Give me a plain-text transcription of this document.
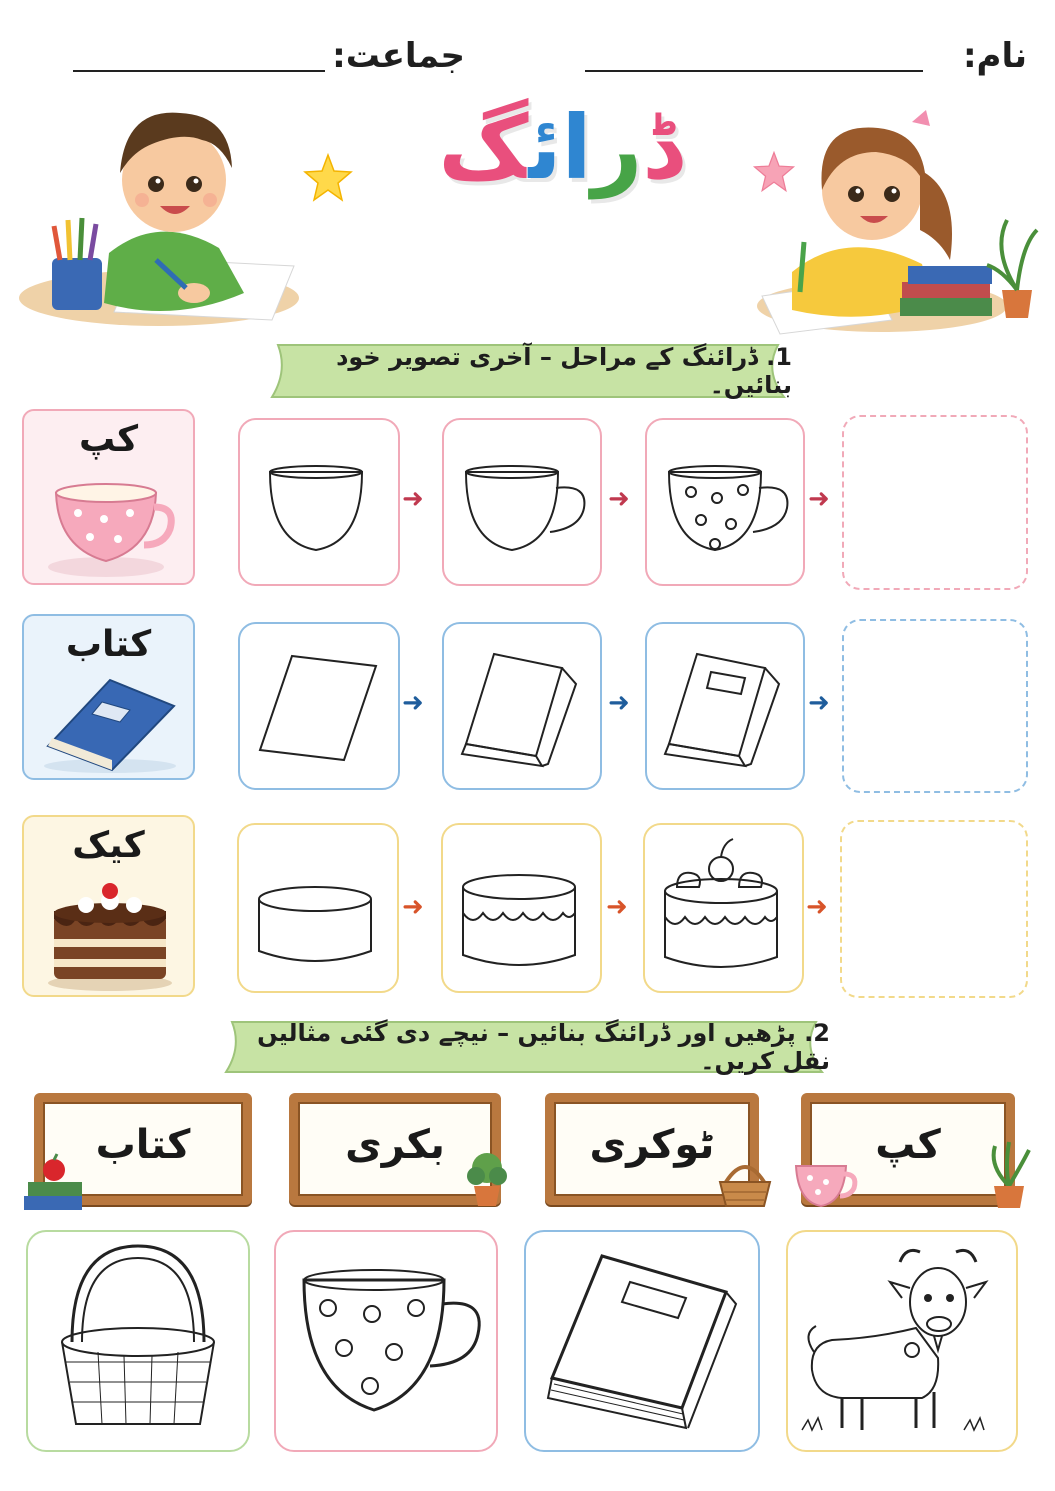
نام:
جماعت:
ڈرائگ
1. ڈرائنگ کے مراحل – آخری تصویر خود بنائیں۔
کپ
➜	➜	➜
کتاب
➜	➜	➜
کیک
➜	➜	➜
2. پڑھیں اور ڈرائنگ بنائیں – نیچے دی گئی مثالیں نقل کریں۔
کتاب	بکری	ٹوکری	کپ
